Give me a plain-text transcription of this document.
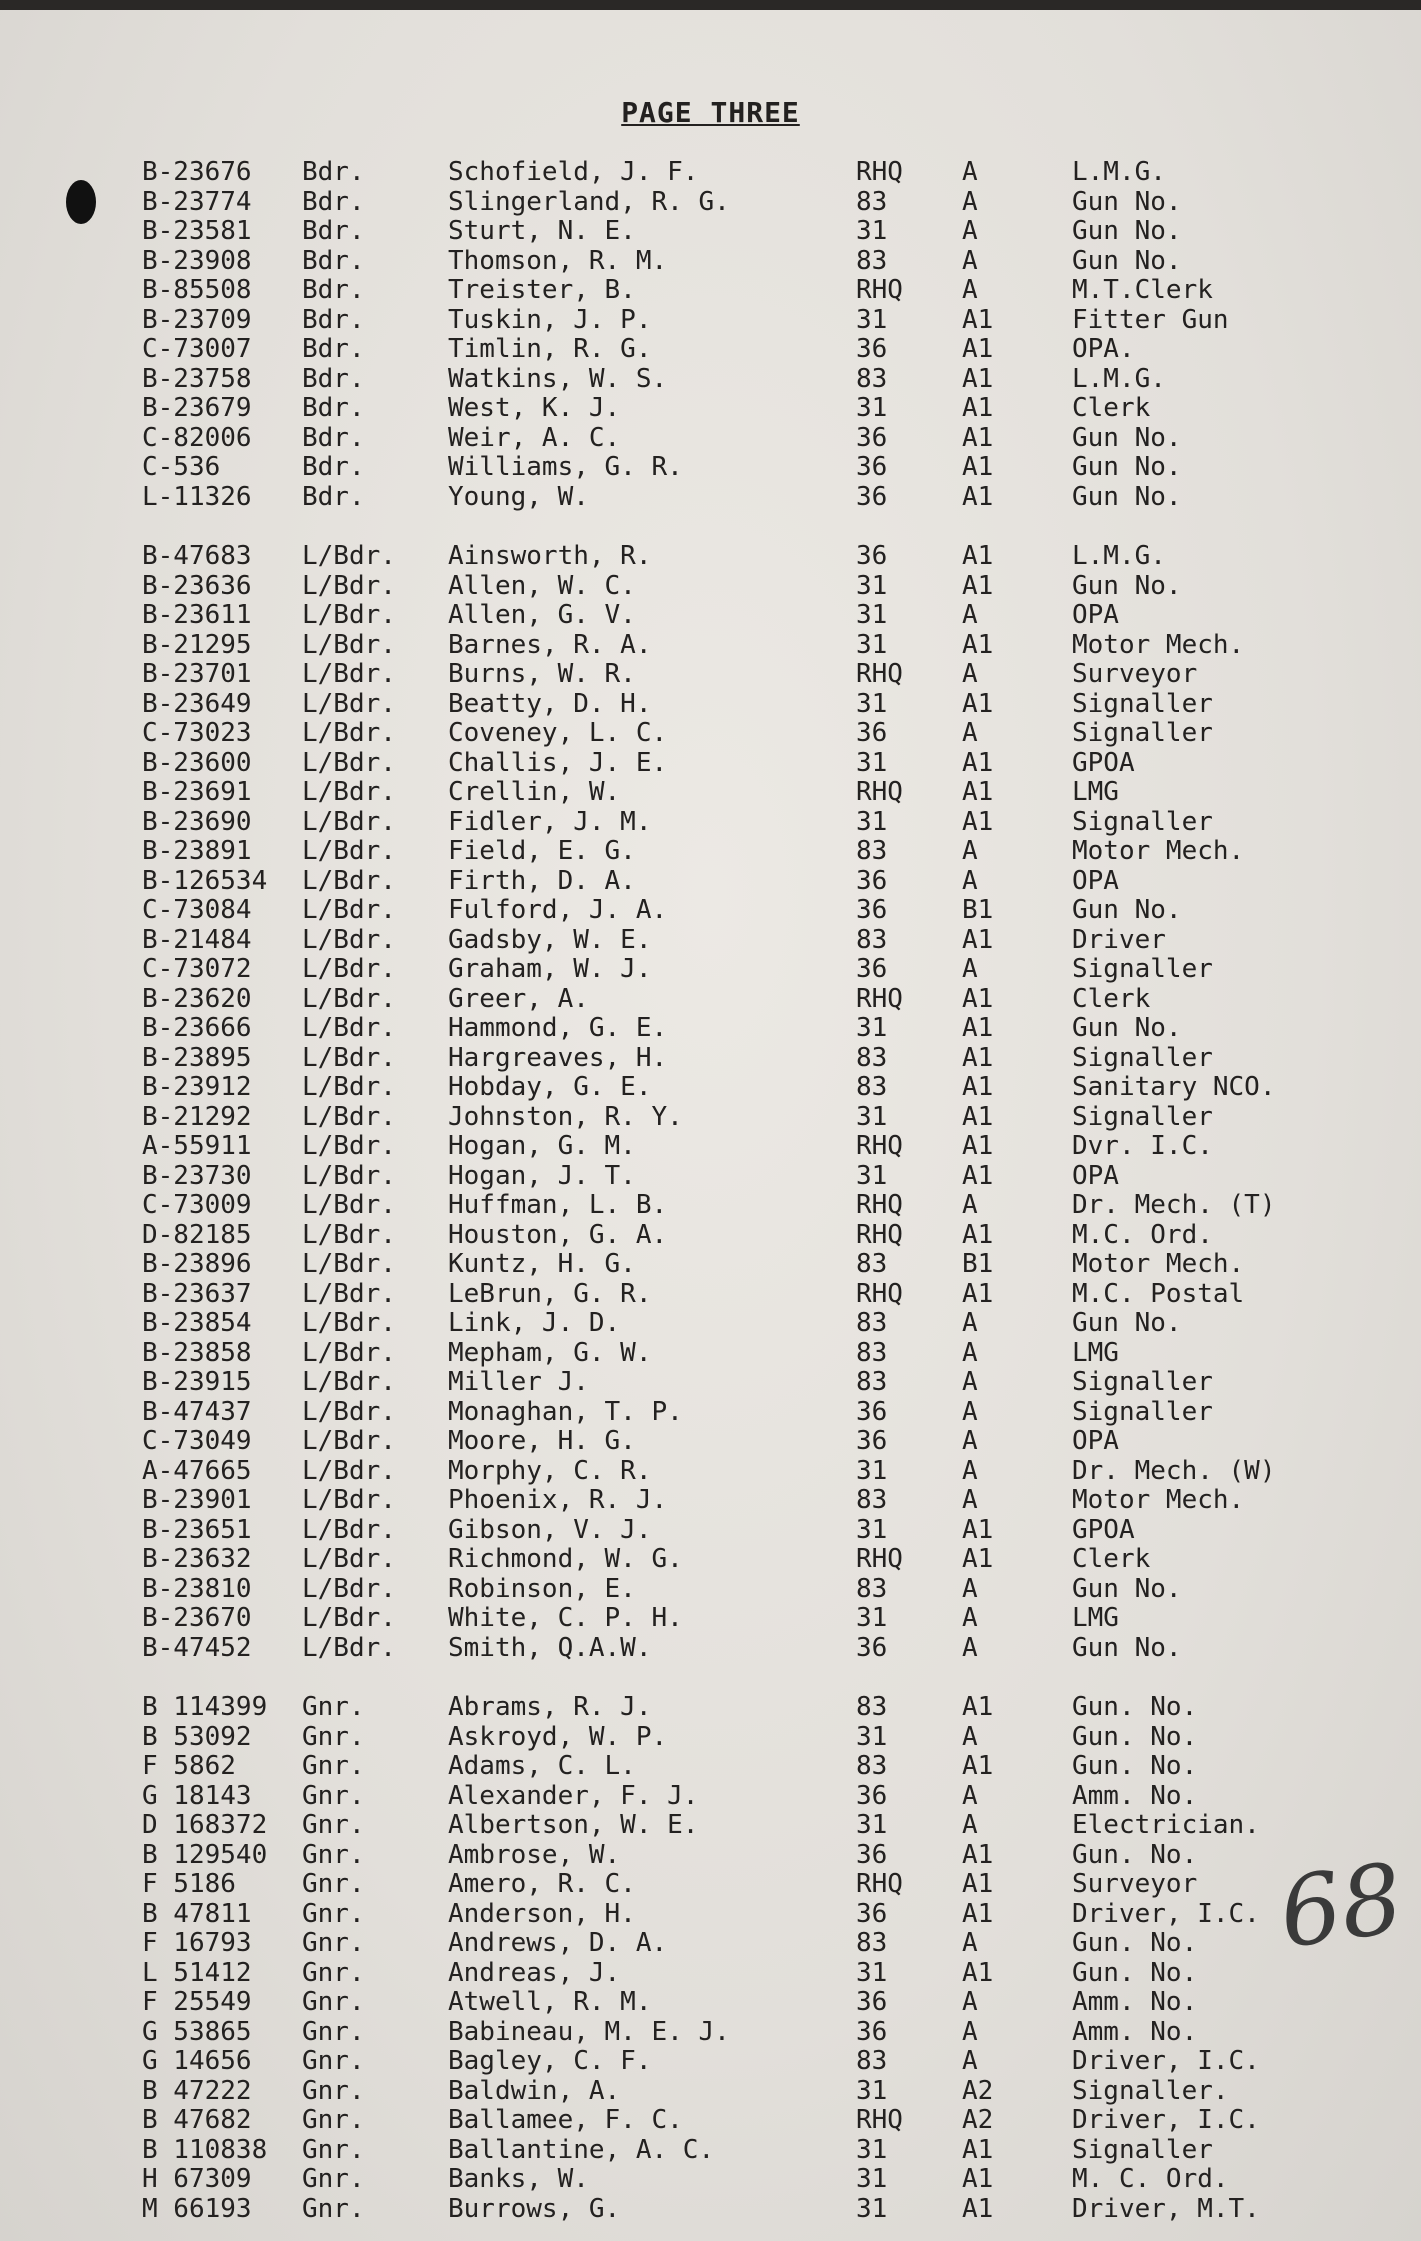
PAGE THREE
B-23676	Bdr.	Schofield, J. F.	RHQ	A	L.M.G.
B-23774	Bdr.	Slingerland, R. G.	83	A	Gun No.
B-23581	Bdr.	Sturt, N. E.	31	A	Gun No.
B-23908	Bdr.	Thomson, R. M.	83	A	Gun No.
B-85508	Bdr.	Treister, B.	RHQ	A	M.T.Clerk
B-23709	Bdr.	Tuskin, J. P.	31	A1	Fitter Gun
C-73007	Bdr.	Timlin, R. G.	36	A1	OPA.
B-23758	Bdr.	Watkins, W. S.	83	A1	L.M.G.
B-23679	Bdr.	West, K. J.	31	A1	Clerk
C-82006	Bdr.	Weir, A. C.	36	A1	Gun No.
C-536	Bdr.	Williams, G. R.	36	A1	Gun No.
L-11326	Bdr.	Young, W.	36	A1	Gun No.
B-47683	L/Bdr.	Ainsworth, R.	36	A1	L.M.G.
B-23636	L/Bdr.	Allen, W. C.	31	A1	Gun No.
B-23611	L/Bdr.	Allen, G. V.	31	A	OPA
B-21295	L/Bdr.	Barnes, R. A.	31	A1	Motor Mech.
B-23701	L/Bdr.	Burns, W. R.	RHQ	A	Surveyor
B-23649	L/Bdr.	Beatty, D. H.	31	A1	Signaller
C-73023	L/Bdr.	Coveney, L. C.	36	A	Signaller
B-23600	L/Bdr.	Challis, J. E.	31	A1	GPOA
B-23691	L/Bdr.	Crellin, W.	RHQ	A1	LMG
B-23690	L/Bdr.	Fidler, J. M.	31	A1	Signaller
B-23891	L/Bdr.	Field, E. G.	83	A	Motor Mech.
B-126534	L/Bdr.	Firth, D. A.	36	A	OPA
C-73084	L/Bdr.	Fulford, J. A.	36	B1	Gun No.
B-21484	L/Bdr.	Gadsby, W. E.	83	A1	Driver
C-73072	L/Bdr.	Graham, W. J.	36	A	Signaller
B-23620	L/Bdr.	Greer, A.	RHQ	A1	Clerk
B-23666	L/Bdr.	Hammond, G. E.	31	A1	Gun No.
B-23895	L/Bdr.	Hargreaves, H.	83	A1	Signaller
B-23912	L/Bdr.	Hobday, G. E.	83	A1	Sanitary NCO.
B-21292	L/Bdr.	Johnston, R. Y.	31	A1	Signaller
A-55911	L/Bdr.	Hogan, G. M.	RHQ	A1	Dvr. I.C.
B-23730	L/Bdr.	Hogan, J. T.	31	A1	OPA
C-73009	L/Bdr.	Huffman, L. B.	RHQ	A	Dr. Mech. (T)
D-82185	L/Bdr.	Houston, G. A.	RHQ	A1	M.C. Ord.
B-23896	L/Bdr.	Kuntz, H. G.	83	B1	Motor Mech.
B-23637	L/Bdr.	LeBrun, G. R.	RHQ	A1	M.C. Postal
B-23854	L/Bdr.	Link, J. D.	83	A	Gun No.
B-23858	L/Bdr.	Mepham, G. W.	83	A	LMG
B-23915	L/Bdr.	Miller J.	83	A	Signaller
B-47437	L/Bdr.	Monaghan, T. P.	36	A	Signaller
C-73049	L/Bdr.	Moore, H. G.	36	A	OPA
A-47665	L/Bdr.	Morphy, C. R.	31	A	Dr. Mech. (W)
B-23901	L/Bdr.	Phoenix, R. J.	83	A	Motor Mech.
B-23651	L/Bdr.	Gibson, V. J.	31	A1	GPOA
B-23632	L/Bdr.	Richmond, W. G.	RHQ	A1	Clerk
B-23810	L/Bdr.	Robinson, E.	83	A	Gun No.
B-23670	L/Bdr.	White, C. P. H.	31	A	LMG
B-47452	L/Bdr.	Smith, Q.A.W.	36	A	Gun No.
B 114399	Gnr.	Abrams, R. J.	83	A1	Gun. No.
B 53092	Gnr.	Askroyd, W. P.	31	A	Gun. No.
F 5862	Gnr.	Adams, C. L.	83	A1	Gun. No.
G 18143	Gnr.	Alexander, F. J.	36	A	Amm. No.
D 168372	Gnr.	Albertson, W. E.	31	A	Electrician.
B 129540	Gnr.	Ambrose, W.	36	A1	Gun. No.
F 5186	Gnr.	Amero, R. C.	RHQ	A1	Surveyor
B 47811	Gnr.	Anderson, H.	36	A1	Driver, I.C.
F 16793	Gnr.	Andrews, D. A.	83	A	Gun. No.
L 51412	Gnr.	Andreas, J.	31	A1	Gun. No.
F 25549	Gnr.	Atwell, R. M.	36	A	Amm. No.
G 53865	Gnr.	Babineau, M. E. J.	36	A	Amm. No.
G 14656	Gnr.	Bagley, C. F.	83	A	Driver, I.C.
B 47222	Gnr.	Baldwin, A.	31	A2	Signaller.
B 47682	Gnr.	Ballamee, F. C.	RHQ	A2	Driver, I.C.
B 110838	Gnr.	Ballantine, A. C.	31	A1	Signaller
H 67309	Gnr.	Banks, W.	31	A1	M. C. Ord.
M 66193	Gnr.	Burrows, G.	31	A1	Driver, M.T.
68
